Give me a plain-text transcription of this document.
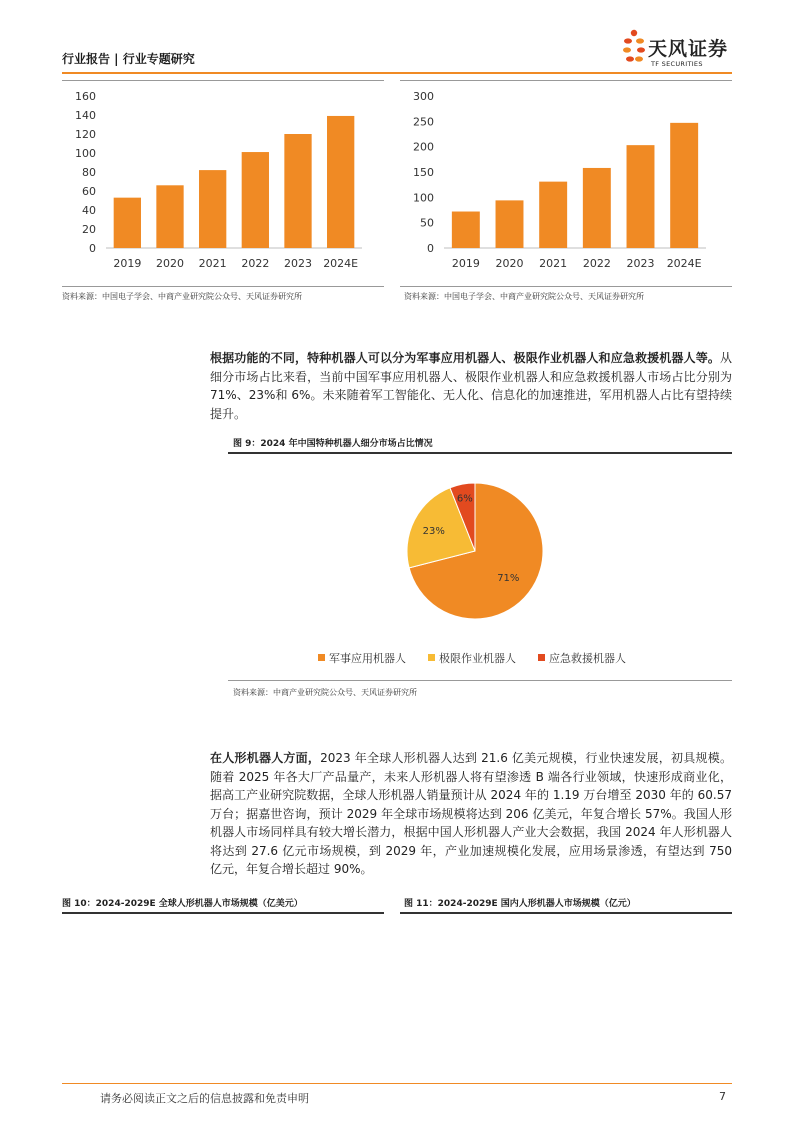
行业报告 | 行业专题研究	天风证券
TF SECURITIES
0
20
40
60
80
100
120
140
160
2019 2020 2021 2022 2023 2024E
资料来源：中国电子学会、中商产业研究院公众号、天风证券研究所
0
50
100
150
200
250
300
2019 2020 2021 2022 2023 2024E
资料来源：中国电子学会、中商产业研究院公众号、天风证券研究所
根据功能的不同，特种机器人可以分为军事应用机器人、极限作业机器人和应急救援机器人等。从细分市场占比来看，当前中国军事应用机器人、极限作业机器人和应急救援机器人市场占比分别为 71%、23%和 6%。未来随着军工智能化、无人化、信息化的加速推进，军用机器人占比有望持续提升。
图 9：2024 年中国特种机器人细分市场占比情况
71%
23%
6%
军事应用机器人	极限作业机器人	应急救援机器人
资料来源：中商产业研究院公众号、天风证券研究所
在人形机器人方面，2023 年全球人形机器人达到 21.6 亿美元规模，行业快速发展，初具规模。随着 2025 年各大厂产品量产，未来人形机器人将有望渗透 B 端各行业领域，快速形成商业化，据高工产业研究院数据，全球人形机器人销量预计从 2024 年的 1.19 万台增至 2030 年的 60.57 万台；据嘉世咨询，预计 2029 年全球市场规模将达到 206 亿美元，年复合增长 57%。我国人形机器人市场同样具有较大增长潜力，根据中国人形机器人产业大会数据，我国 2024 年人形机器人将达到 27.6 亿元市场规模，到 2029 年，产业加速规模化发展，应用场景渗透，有望达到 750 亿元，年复合增长超过 90%。
图 10：2024-2029E 全球人形机器人市场规模（亿美元）	图 11：2024-2029E 国内人形机器人市场规模（亿元）
请务必阅读正文之后的信息披露和免责申明	7
